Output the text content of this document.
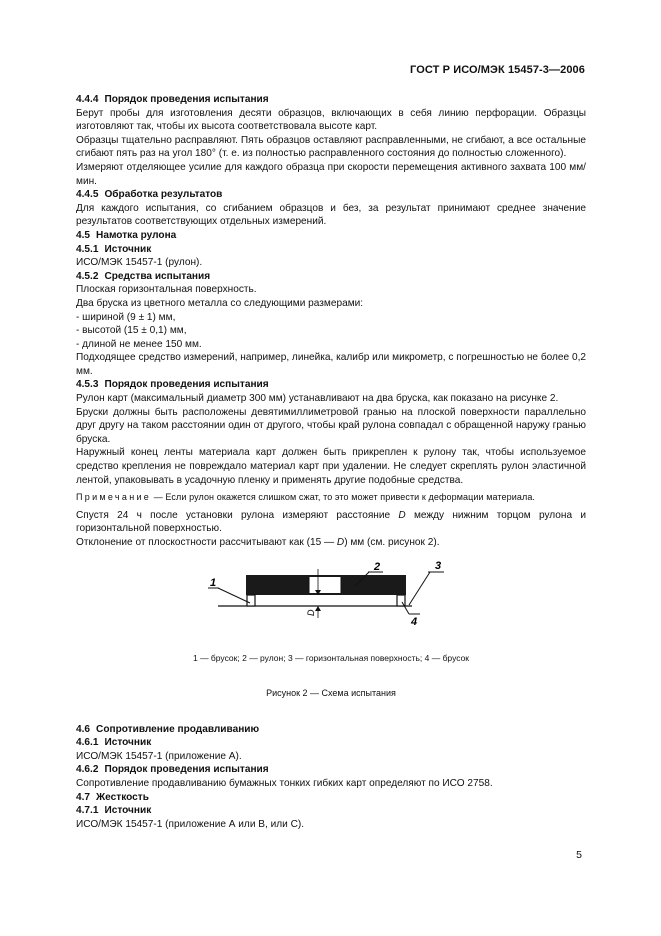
ГОСТ Р ИСО/МЭК 15457-3—2006
4.4.4 Порядок проведения испытания

Берут пробы для изготовления десяти образцов, включающих в себя линию перфорации. Образцы изготовляют так, чтобы их высота соответствовала высоте карт.

Образцы тщательно расправляют. Пять образцов оставляют расправленными, не сгибают, а все остальные сгибают пять раз на угол 180° (т. е. из полностью расправленного состояния до полностью сложенного).

Измеряют отделяющее усилие для каждого образца при скорости перемещения активного захвата 100 мм/мин.

4.4.5 Обработка результатов

Для каждого испытания, со сгибанием образцов и без, за результат принимают среднее значение результатов соответствующих отдельных измерений.

4.5 Намотка рулона
4.5.1 Источник

ИСО/МЭК 15457-1 (рулон).

4.5.2 Средства испытания

Плоская горизонтальная поверхность.

Два бруска из цветного металла со следующими размерами:

- шириной (9 ± 1) мм,

- высотой (15 ± 0,1) мм,

- длиной не менее 150 мм.

Подходящее средство измерений, например, линейка, калибр или микрометр, с погрешностью не более 0,2 мм.

4.5.3 Порядок проведения испытания

Рулон карт (максимальный диаметр 300 мм) устанавливают на два бруска, как показано на рисунке 2.

Бруски должны быть расположены девятимиллиметровой гранью на плоской поверхности параллельно друг другу на таком расстоянии один от другого, чтобы край рулона совпадал с обращенной наружу гранью бруска.

Наружный конец ленты материала карт должен быть прикреплен к рулону так, чтобы используемое средство крепления не повреждало материал карт при удалении. Не следует скреплять рулон эластичной лентой, упаковывать в усадочную пленку и применять другие подобные средства.

Примечание — Если рулон окажется слишком сжат, то это может привести к деформации материала.

Спустя 24 ч после установки рулона измеряют расстояние D между нижним торцом рулона и горизонтальной поверхностью.

Отклонение от плоскостности рассчитывают как (15 — D) мм (см. рисунок 2).

D
1
2	3
4
1 — брусок; 2 — рулон; 3 — горизонтальная поверхность; 4 — брусок
Рисунок 2 — Схема испытания
4.6 Сопротивление продавливанию
4.6.1 Источник

ИСО/МЭК 15457-1 (приложение А).

4.6.2 Порядок проведения испытания

Сопротивление продавливанию бумажных тонких гибких карт определяют по ИСО 2758.

4.7 Жесткость
4.7.1 Источник

ИСО/МЭК 15457-1 (приложение А или В, или С).

5
